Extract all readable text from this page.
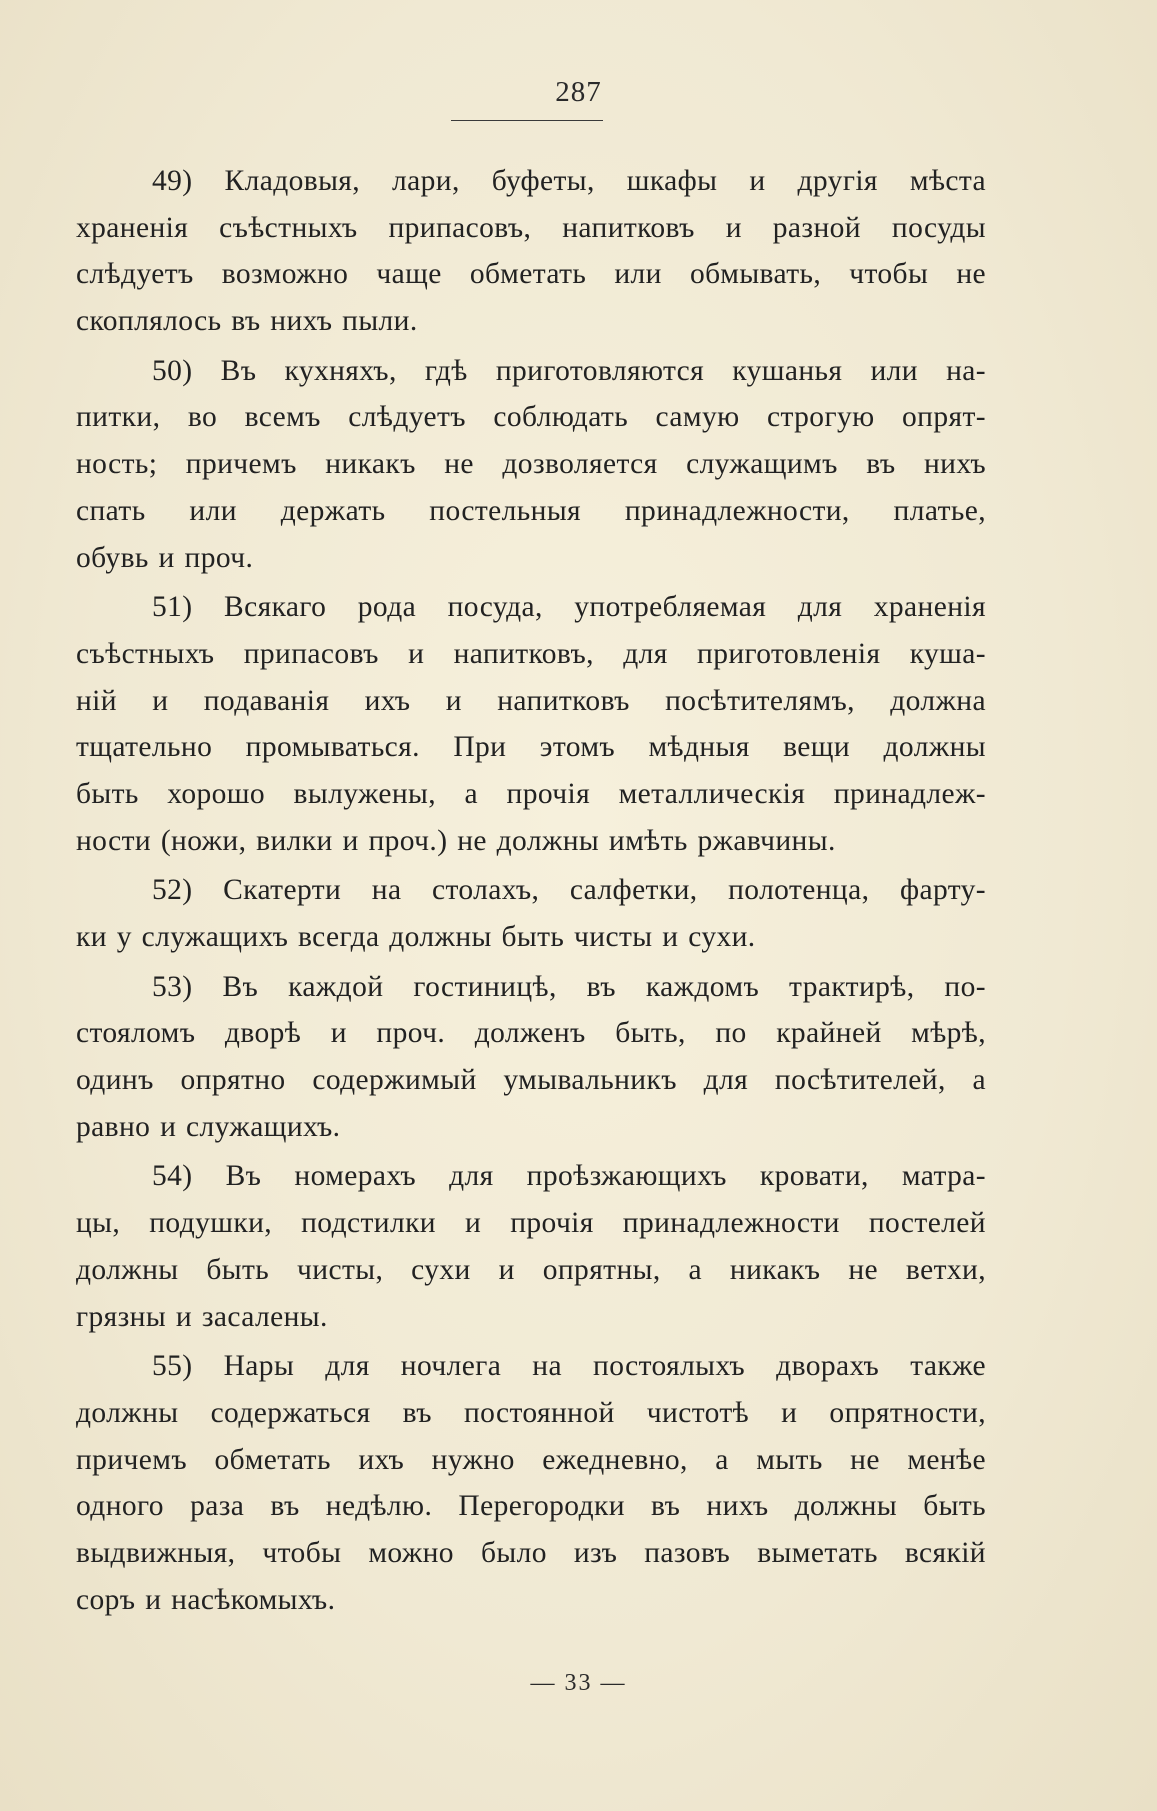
287
49) Кладовыя, лари, буфеты, шкафы и другія мѣста
храненія съѣстныхъ припасовъ, напитковъ и разной посуды
слѣдуетъ возможно чаще обметать или обмывать, чтобы не
скоплялось въ нихъ пыли.
50) Въ кухняхъ, гдѣ приготовляются кушанья или на-
питки, во всемъ слѣдуетъ соблюдать самую строгую опрят-
ность; причемъ никакъ не дозволяется служащимъ въ нихъ
спать или держать постельныя принадлежности, платье,
обувь и проч.
51) Всякаго рода посуда, употребляемая для храненія
съѣстныхъ припасовъ и напитковъ, для приготовленія куша-
ній и подаванія ихъ и напитковъ посѣтителямъ, должна
тщательно промываться. При этомъ мѣдныя вещи должны
быть хорошо вылужены, а прочія металлическія принадлеж-
ности (ножи, вилки и проч.) не должны имѣть ржавчины.
52) Скатерти на столахъ, салфетки, полотенца, фарту-
ки у служащихъ всегда должны быть чисты и сухи.
53) Въ каждой гостиницѣ, въ каждомъ трактирѣ, по-
стояломъ дворѣ и проч. долженъ быть, по крайней мѣрѣ,
одинъ опрятно содержимый умывальникъ для посѣтителей, а
равно и служащихъ.
54) Въ номерахъ для проѣзжающихъ кровати, матра-
цы, подушки, подстилки и прочія принадлежности постелей
должны быть чисты, сухи и опрятны, а никакъ не ветхи,
грязны и засалены.
55) Нары для ночлега на постоялыхъ дворахъ также
должны содержаться въ постоянной чистотѣ и опрятности,
причемъ обметать ихъ нужно ежедневно, а мыть не менѣе
одного раза въ недѣлю. Перегородки въ нихъ должны быть
выдвижныя, чтобы можно было изъ пазовъ выметать всякій
соръ и насѣкомыхъ.
— 33 —
